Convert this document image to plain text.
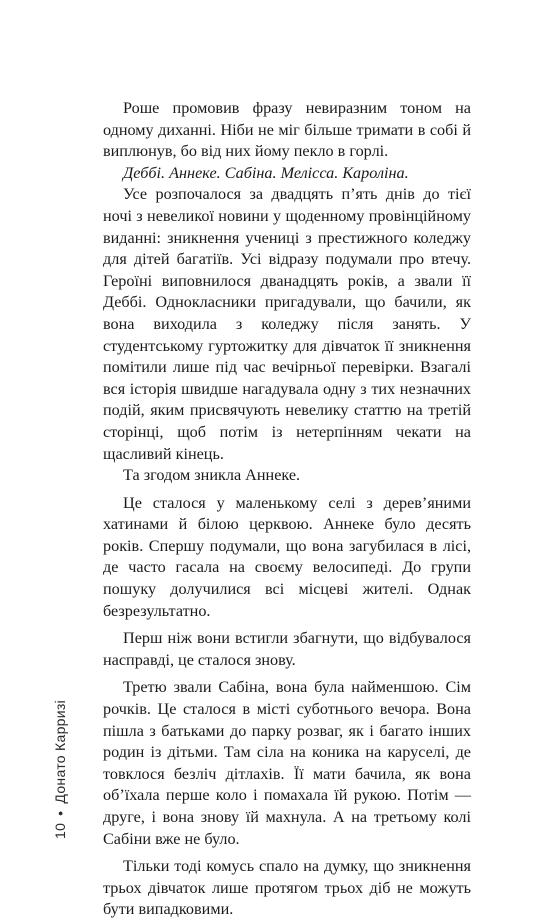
Роше промовив фразу невиразним тоном на одному диханні. Ніби не міг більше тримати в собі й виплюнув, бо від них йому пекло в горлі.

Деббі. Аннеке. Сабіна. Мелісса. Кароліна.

Усе розпочалося за двадцять п’ять днів до тієї ночі з невеликої новини у щоденному провінційному виданні: зникнення учениці з престижного коледжу для дітей багатіїв. Усі відразу подумали про втечу. Героїні виповнилося дванадцять років, а звали її Деббі. Однокласники пригадували, що бачили, як вона виходила з коледжу після занять. У студентському гуртожитку для дівчаток її зникнення помітили лише під час вечірньої перевірки. Взагалі вся історія швидше нагадувала одну з тих незначних подій, яким присвячують невелику статтю на третій сторінці, щоб потім із нетерпінням чекати на щасливий кінець.

Та згодом зникла Аннеке.

Це сталося у маленькому селі з дерев’яними хатинами й білою церквою. Аннеке було десять років. Спершу подумали, що вона загубилася в лісі, де часто гасала на своєму велосипеді. До групи пошуку долучилися всі місцеві жителі. Однак безрезультатно.

Перш ніж вони встигли збагнути, що відбувалося насправді, це сталося знову.

Третю звали Сабіна, вона була найменшою. Сім рочків. Це сталося в місті суботнього вечора. Вона пішла з батьками до парку розваг, як і багато інших родин із дітьми. Там сіла на коника на каруселі, де товклося безліч дітлахів. Її мати бачила, як вона об’їхала перше коло і помахала їй рукою. Потім — друге, і вона знову їй махнула. А на третьому колі Сабіни вже не було.

Тільки тоді комусь спало на думку, що зникнення трьох дівчаток лише протягом трьох діб не можуть бути випадковими.

10•Донато Карризі
